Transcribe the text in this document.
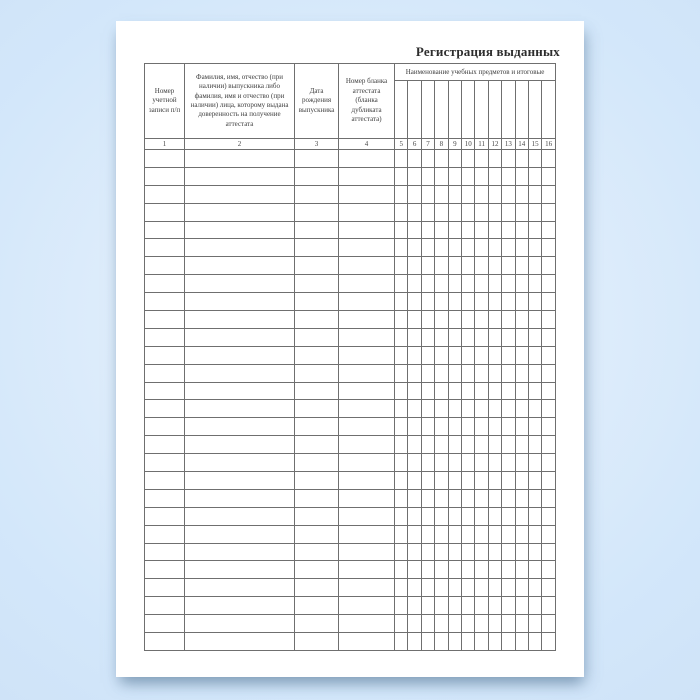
Регистрация выданных
Номер учетной записи п/п	Фамилия, имя, отчество (при наличии) выпускника либо фамилия, имя и отчество (при наличии) лица, которому выдана доверенность на получение аттестата	Дата рождения выпускника	Номер бланка аттестата (бланка дубликата аттестата)	Наименование учебных предметов и итоговые											

1	2	3	4	5	6	7	8	9	10	11	12	13	14	15	16
